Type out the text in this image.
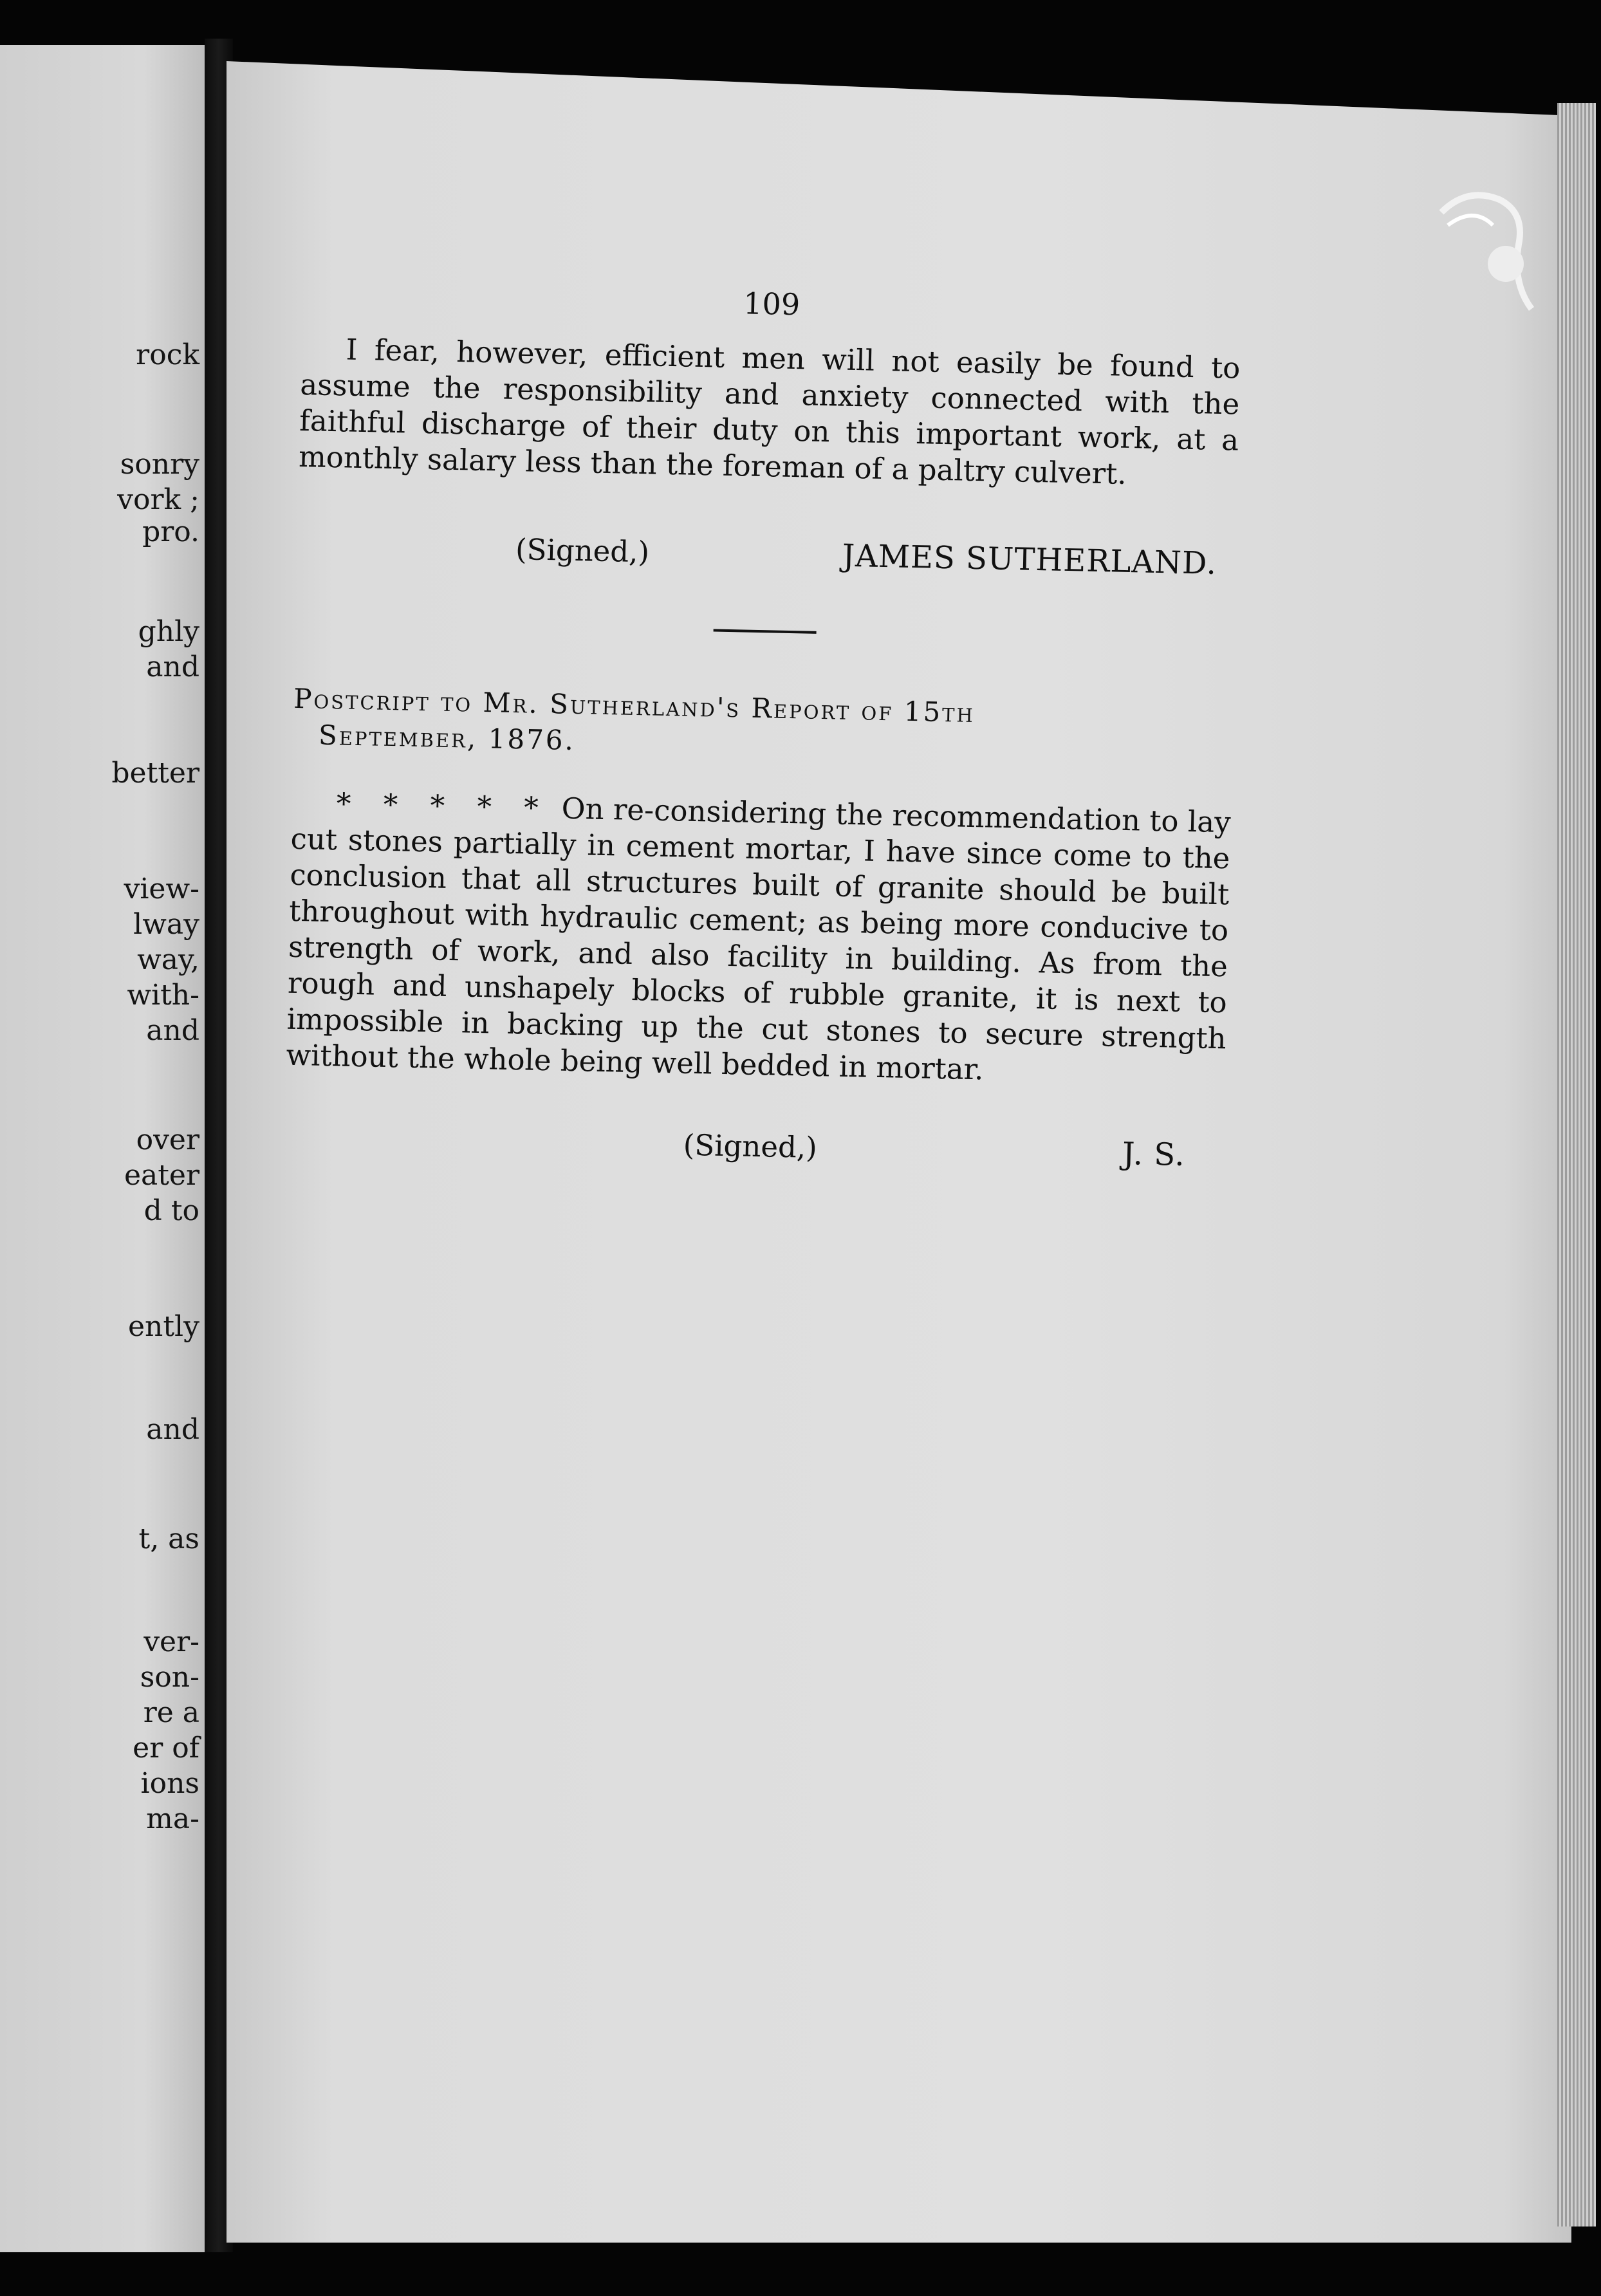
rock
sonry
vork ;
pro.
ghly
and
better
view-
lway
way,
with-
and
over
eater
d to
ently
and
t, as
ver-
son-
re a
er of
ions
ma-
109

I fear, however, efficient men will not easily be found to assume the responsibility and anxiety connected with the faithful discharge of their duty on this important work, at a monthly salary less than the foreman of a paltry culvert.

(Signed,)	JAMES SUTHERLAND.

Postcript to Mr. Sutherland's Report of 15th
September, 1876.

* * * * * On re-considering the recommendation to lay cut stones partially in cement mortar, I have since come to the conclusion that all structures built of granite should be built throughout with hydraulic cement; as being more conducive to strength of work, and also facility in building. As from the rough and unshapely blocks of rubble granite, it is next to impossible in backing up the cut stones to secure strength without the whole being well bedded in mortar.

(Signed,)	J. S.
